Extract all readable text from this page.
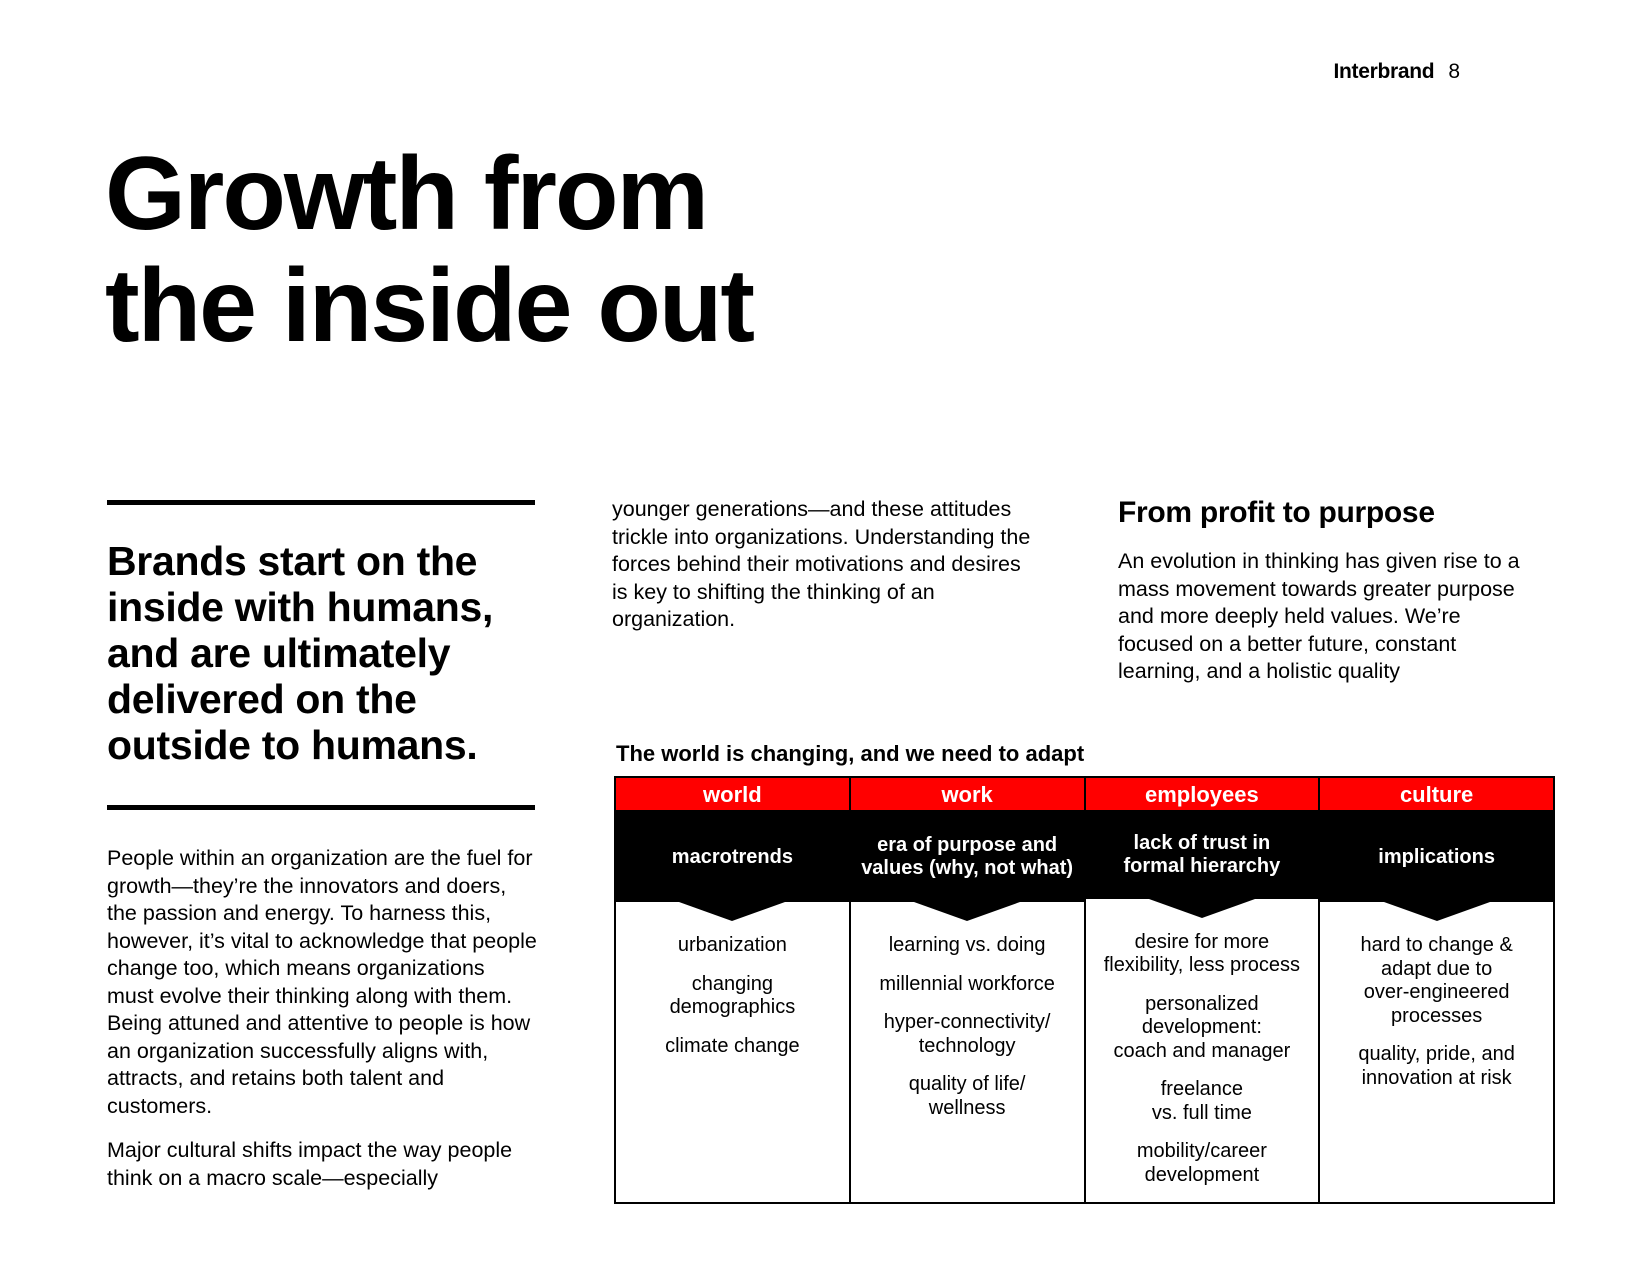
Interbrand 8
Growth from
the inside out

Brands start on the inside with humans, and are ultimately delivered on the outside to humans.

People within an organization are the fuel for growth—they’re the innovators and doers, the passion and energy. To harness this, however, it’s vital to acknowledge that people change too, which means organizations must evolve their thinking along with them. Being attuned and attentive to people is how an organization successfully aligns with, attracts, and retains both talent and customers.

Major cultural shifts impact the way people think on a macro scale—especially

younger generations—and these attitudes trickle into organizations. Understanding the forces behind their motivations and desires is key to shifting the thinking of an organization.

From profit to purpose

An evolution in thinking has given rise to a mass movement towards greater purpose and more deeply held values. We’re focused on a better future, constant learning, and a holistic quality

The world is changing, and we need to adapt
world
macrotrends
urbanization
changing
demographics
climate change
work
era of purpose and
values (why, not what)
learning vs. doing
millennial workforce
hyper-connectivity/
technology
quality of life/
wellness
employees
lack of trust in
formal hierarchy
desire for more
flexibility, less process
personalized
development:
coach and manager
freelance
vs. full time
mobility/career
development
culture
implications
hard to change &
adapt due to
over-engineered
processes
quality, pride, and
innovation at risk
